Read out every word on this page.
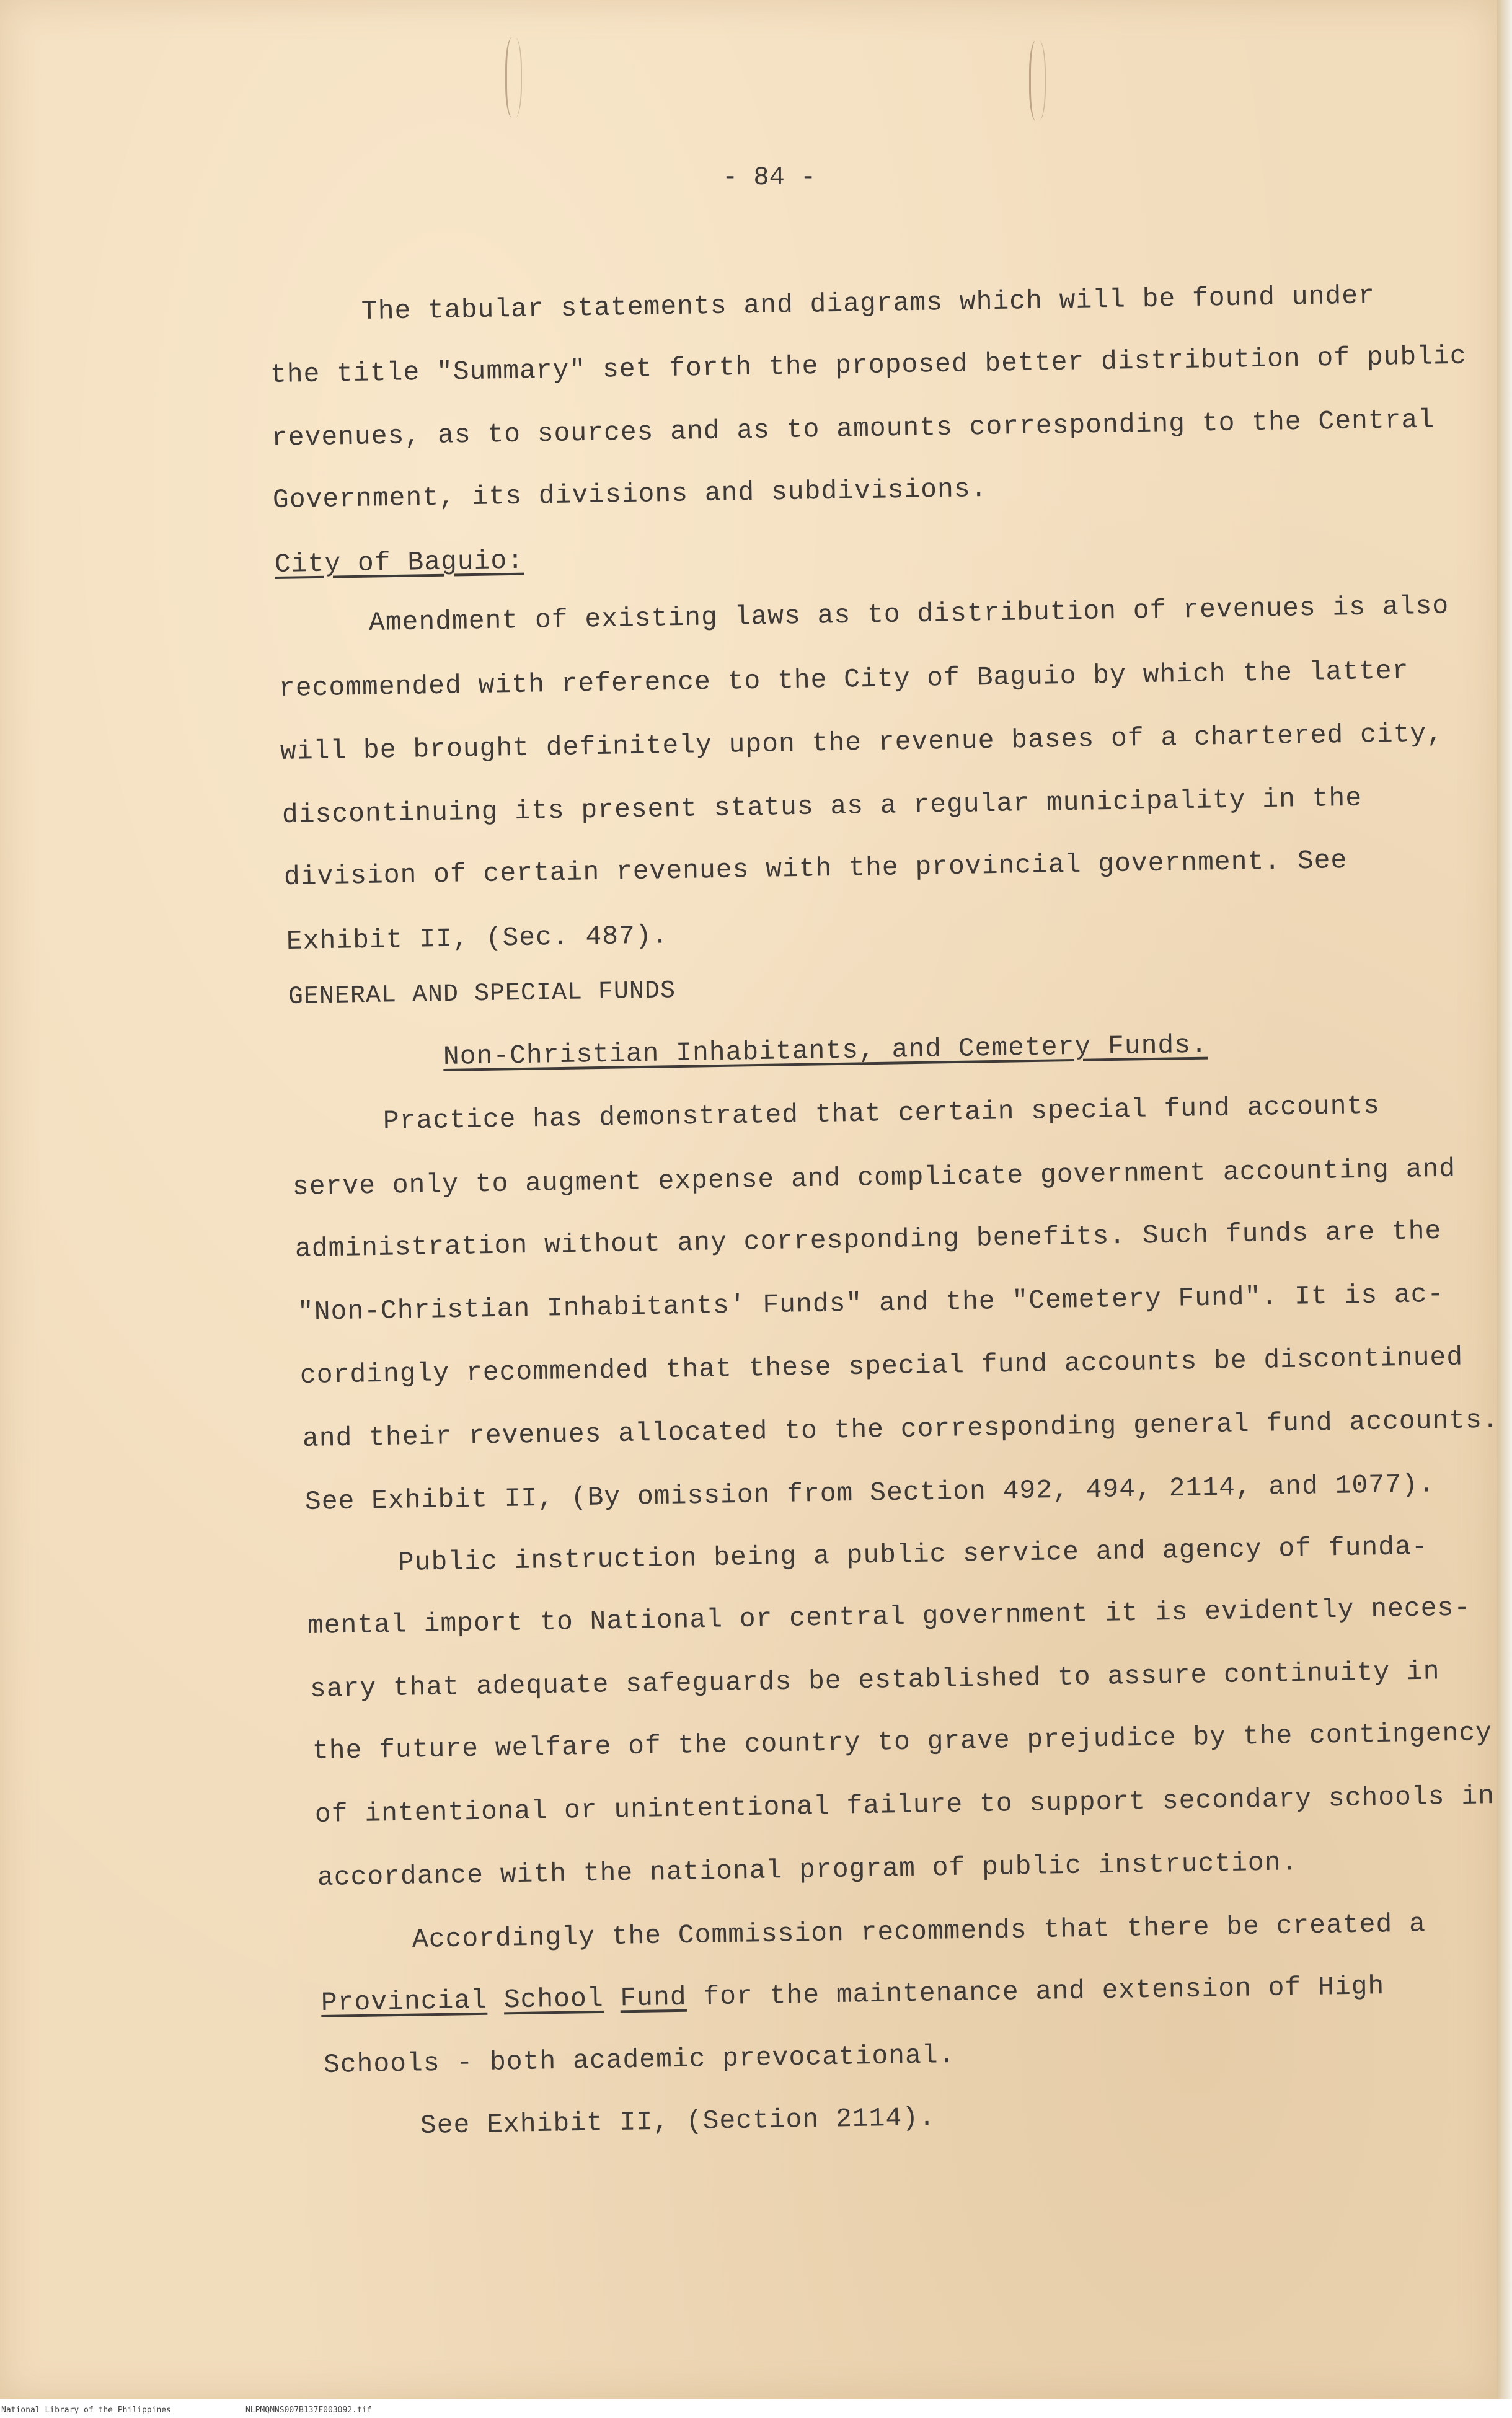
- 84 -

The tabular statements and diagrams which will be found under

the title "Summary" set forth the proposed better distribution of public

revenues, as to sources and as to amounts corresponding to the Central

Government, its divisions and subdivisions.

City of Baguio:

Amendment of existing laws as to distribution of revenues is also

recommended with reference to the City of Baguio by which the latter

will be brought definitely upon the revenue bases of a chartered city,

discontinuing its present status as a regular municipality in the

division of certain revenues with the provincial government. See

Exhibit II, (Sec. 487).

GENERAL AND SPECIAL FUNDS

Non-Christian Inhabitants, and Cemetery Funds.

Practice has demonstrated that certain special fund accounts

serve only to augment expense and complicate government accounting and

administration without any corresponding benefits. Such funds are the

"Non-Christian Inhabitants' Funds" and the "Cemetery Fund". It is ac-

cordingly recommended that these special fund accounts be discontinued

and their revenues allocated to the corresponding general fund accounts.

See Exhibit II, (By omission from Section 492, 494, 2114, and 1077).

Public instruction being a public service and agency of funda-

mental import to National or central government it is evidently neces-

sary that adequate safeguards be established to assure continuity in

the future welfare of the country to grave prejudice by the contingency

of intentional or unintentional failure to support secondary schools in

accordance with the national program of public instruction.

Accordingly the Commission recommends that there be created a

Provincial School Fund for the maintenance and extension of High

Schools - both academic prevocational.

See Exhibit II, (Section 2114).

National Library of the Philippines	NLPMQMNS007B137F003092.tif
